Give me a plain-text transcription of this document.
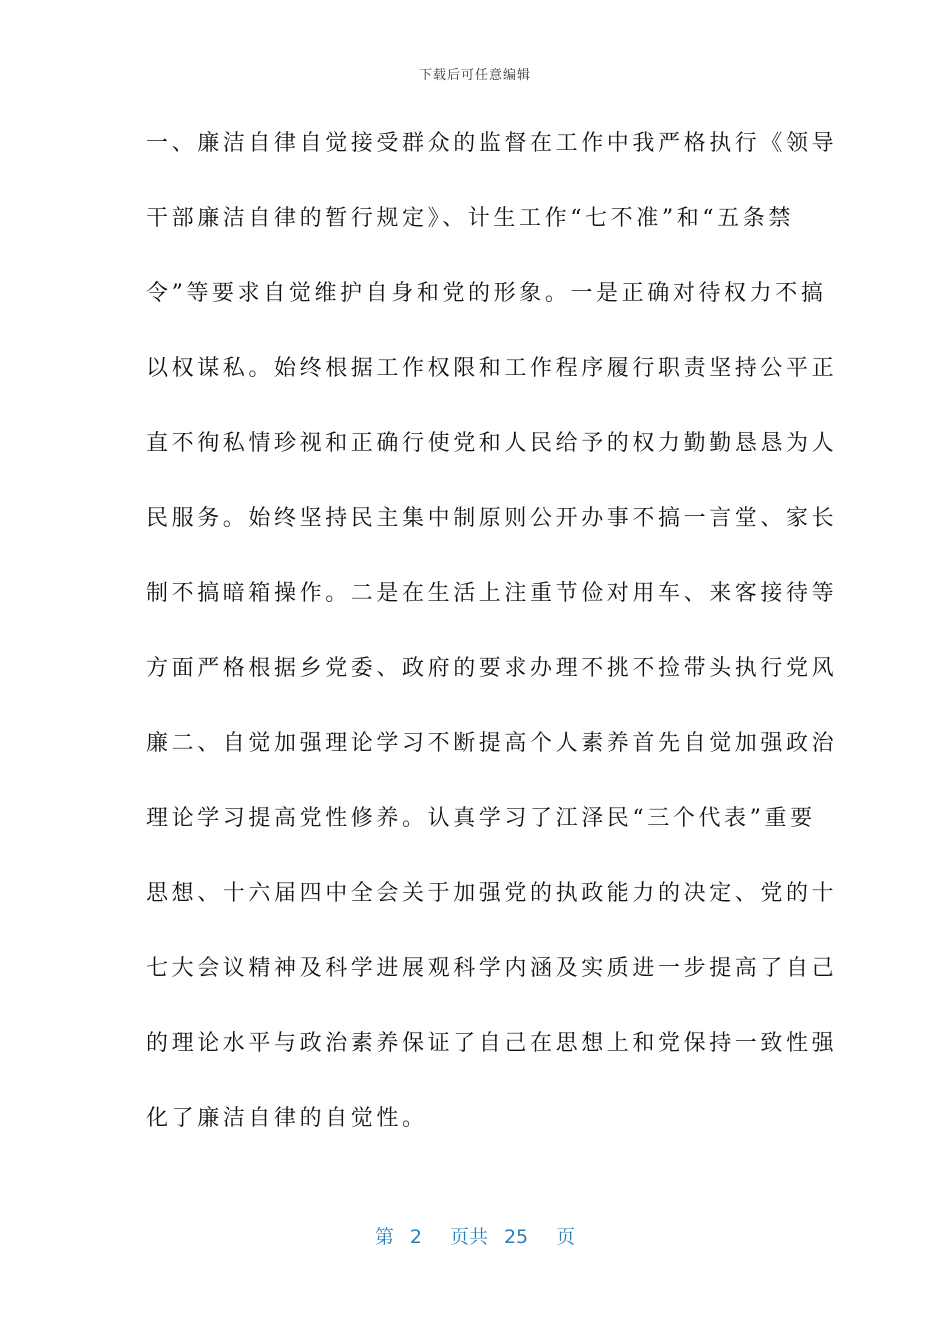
下载后可任意编辑
一、廉洁自律自觉接受群众的监督在工作中我严格执行《领导
干部廉洁自律的暂行规定》、计生工作“七不准”和“五条禁
令”等要求自觉维护自身和党的形象。一是正确对待权力不搞
以权谋私。始终根据工作权限和工作程序履行职责坚持公平正
直不徇私情珍视和正确行使党和人民给予的权力勤勤恳恳为人
民服务。始终坚持民主集中制原则公开办事不搞一言堂、家长
制不搞暗箱操作。二是在生活上注重节俭对用车、来客接待等
方面严格根据乡党委、政府的要求办理不挑不捡带头执行党风
廉二、自觉加强理论学习不断提高个人素养首先自觉加强政治
理论学习提高党性修养。认真学习了江泽民“三个代表”重要
思想、十六届四中全会关于加强党的执政能力的决定、党的十
七大会议精神及科学进展观科学内涵及实质进一步提高了自己
的理论水平与政治素养保证了自己在思想上和党保持一致性强
化了廉洁自律的自觉性。
第 2 页共 25 页
